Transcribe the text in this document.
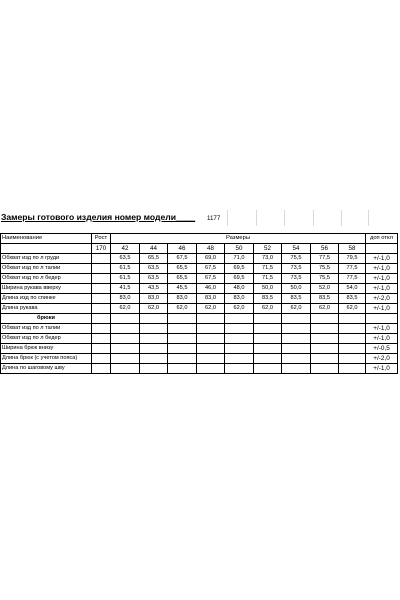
Замеры готового изделия номер модели____ 1177
Наименование	Рост	Размеры									доп откл
	170	42	44	46	48	50	52	54	56	58	
Обхват изд по л груди		63,5	65,5	67,5	69,0	71,0	73,0	75,5	77,5	79,5	+/-1,0
Обхват изд по л талии		61,5	63,5	65,5	67,5	69,5	71,5	73,5	75,5	77,5	+/-1,0
Обхват изд по л бедер		61,5	63,5	65,5	67,5	69,5	71,5	73,5	75,5	77,5	+/-1,0
Ширина рукава вверху		41,5	43,5	45,5	46,0	48,0	50,0	50,0	52,0	54,0	+/-1,0
Длина изд по спинке		83,0	83,0	83,0	83,0	83,0	83,5	83,5	83,5	83,5	+/-2,0
Длина рукава		62,0	62,0	62,0	62,0	62,0	62,0	62,0	62,0	62,0	+/-1,0
брюки											
Обхват изд по л талии											+/-1,0
Обхват изд по л бедер											+/-1,0
Ширина брюк внизу											+/-0,5
Длина брюк (с учетом пояса)											+/-2,0
Длина по шаговому шву											+/-1,0
